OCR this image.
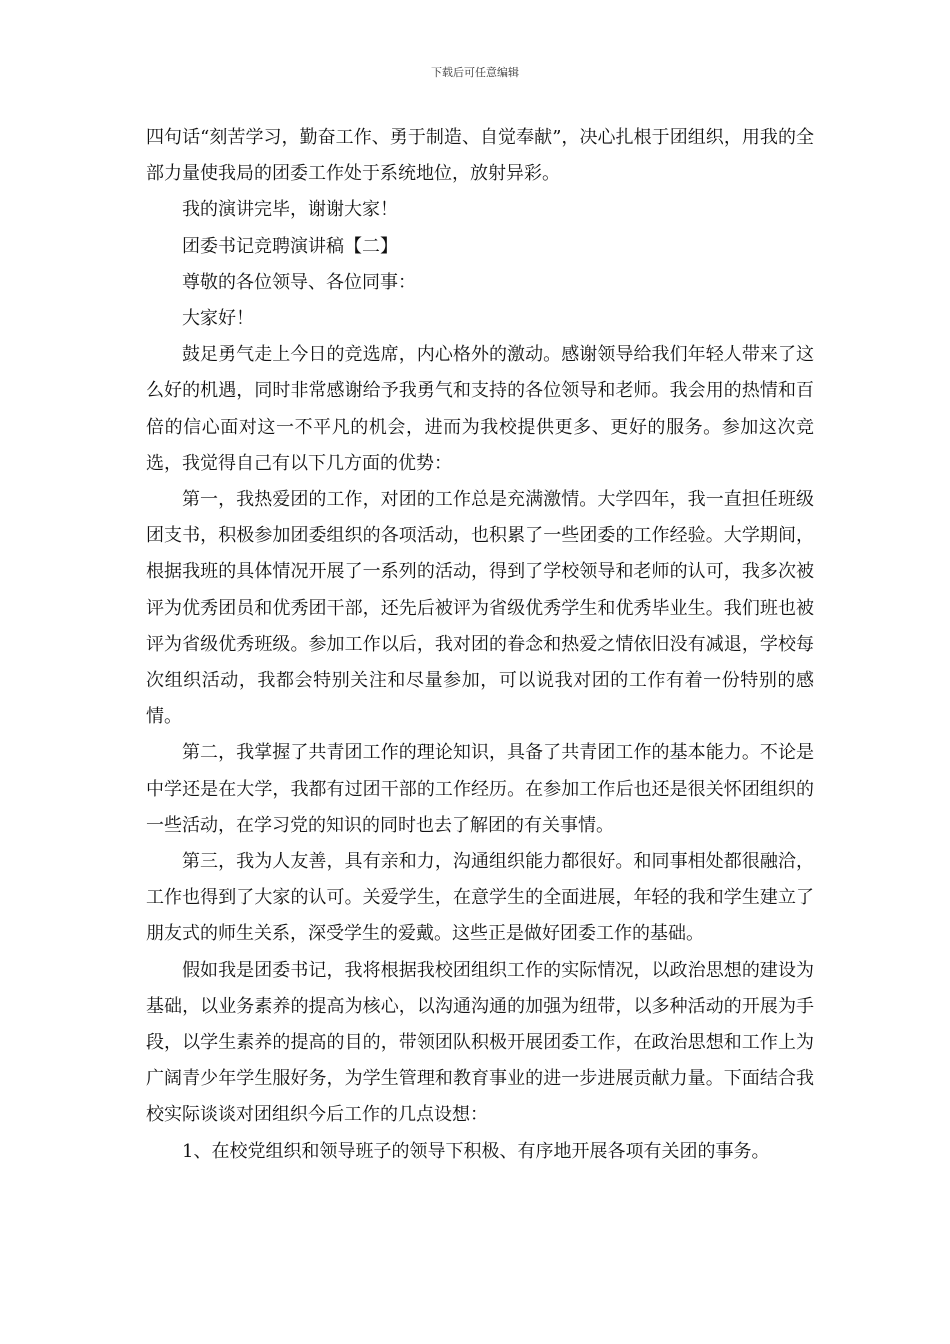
下载后可任意编辑

四句话“刻苦学习，勤奋工作、勇于制造、自觉奉献”，决心扎根于团组织，用我的全部力量使我局的团委工作处于系统地位，放射异彩。

我的演讲完毕，谢谢大家！

团委书记竞聘演讲稿【二】

尊敬的各位领导、各位同事：

大家好！

鼓足勇气走上今日的竞选席，内心格外的激动。感谢领导给我们年轻人带来了这么好的机遇，同时非常感谢给予我勇气和支持的各位领导和老师。我会用的热情和百倍的信心面对这一不平凡的机会，进而为我校提供更多、更好的服务。参加这次竞选，我觉得自己有以下几方面的优势：

第一，我热爱团的工作，对团的工作总是充满激情。大学四年，我一直担任班级团支书，积极参加团委组织的各项活动，也积累了一些团委的工作经验。大学期间，根据我班的具体情况开展了一系列的活动，得到了学校领导和老师的认可，我多次被评为优秀团员和优秀团干部，还先后被评为省级优秀学生和优秀毕业生。我们班也被评为省级优秀班级。参加工作以后，我对团的眷念和热爱之情依旧没有减退，学校每次组织活动，我都会特别关注和尽量参加，可以说我对团的工作有着一份特别的感情。

第二，我掌握了共青团工作的理论知识，具备了共青团工作的基本能力。不论是中学还是在大学，我都有过团干部的工作经历。在参加工作后也还是很关怀团组织的一些活动，在学习党的知识的同时也去了解团的有关事情。

第三，我为人友善，具有亲和力，沟通组织能力都很好。和同事相处都很融洽，工作也得到了大家的认可。关爱学生，在意学生的全面进展，年轻的我和学生建立了朋友式的师生关系，深受学生的爱戴。这些正是做好团委工作的基础。

假如我是团委书记，我将根据我校团组织工作的实际情况，以政治思想的建设为基础，以业务素养的提高为核心，以沟通沟通的加强为纽带，以多种活动的开展为手段，以学生素养的提高的目的，带领团队积极开展团委工作，在政治思想和工作上为广阔青少年学生服好务，为学生管理和教育事业的进一步进展贡献力量。下面结合我校实际谈谈对团组织今后工作的几点设想：

1、在校党组织和领导班子的领导下积极、有序地开展各项有关团的事务。
